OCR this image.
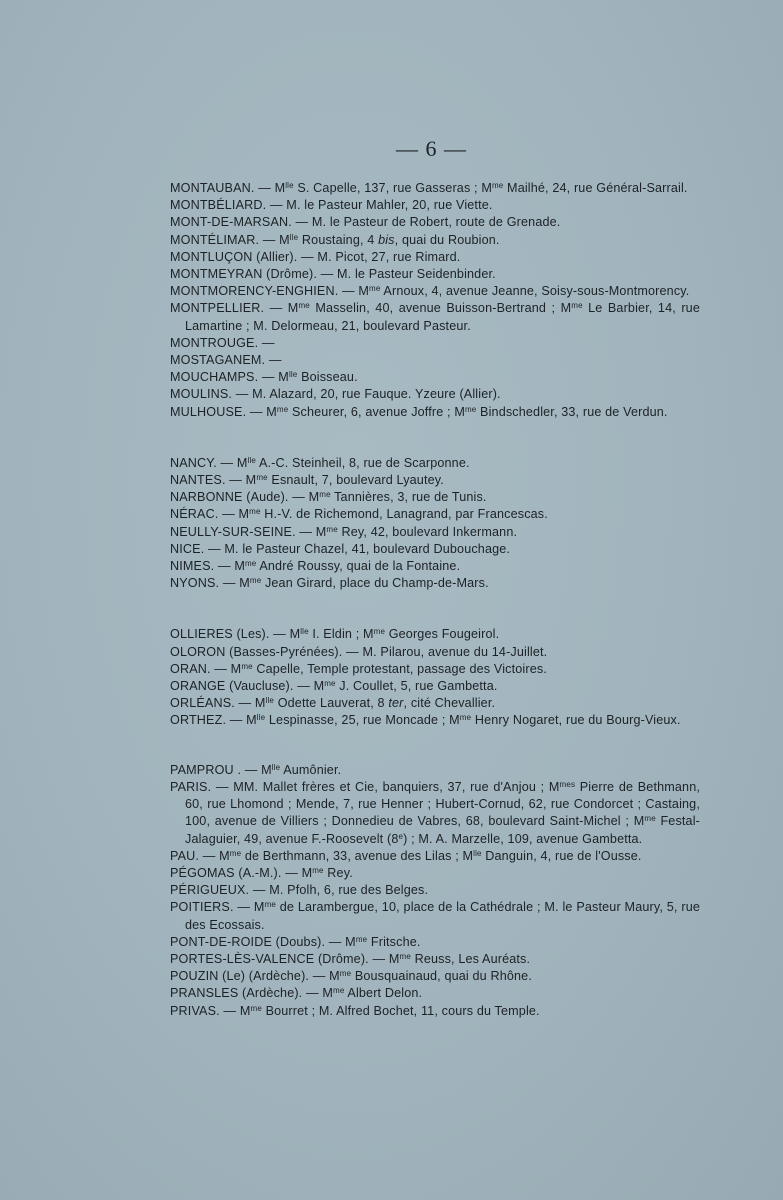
— 6 —

MONTAUBAN. — $M^{lle}$ S. Capelle, 137, rue Gasseras ; $M^{me}$ Mailhé, 24, rue Général-Sarrail.

MONTBÉLIARD. — M. le Pasteur Mahler, 20, rue Viette.

MONT-DE-MARSAN. — M. le Pasteur de Robert, route de Grenade.

MONTÉLIMAR. — $M^{lle}$ Roustaing, 4 bis, quai du Roubion.

MONTLUÇON (Allier). — M. Picot, 27, rue Rimard.

MONTMEYRAN (Drôme). — M. le Pasteur Seidenbinder.

MONTMORENCY-ENGHIEN. — $M^{me}$ Arnoux, 4, avenue Jeanne, Soisy-sous-Montmorency.

MONTPELLIER. — $M^{me}$ Masselin, 40, avenue Buisson-Bertrand ; $M^{me}$ Le Barbier, 14, rue Lamartine ; M. Delormeau, 21, boulevard Pasteur.

MONTROUGE. —

MOSTAGANEM. —

MOUCHAMPS. — $M^{lle}$ Boisseau.

MOULINS. — M. Alazard, 20, rue Fauque. Yzeure (Allier).

MULHOUSE. — $M^{me}$ Scheurer, 6, avenue Joffre ; $M^{me}$ Bindschedler, 33, rue de Verdun.

NANCY. — $M^{lle}$ A.-C. Steinheil, 8, rue de Scarponne.

NANTES. — $M^{me}$ Esnault, 7, boulevard Lyautey.

NARBONNE (Aude). — $M^{me}$ Tannières, 3, rue de Tunis.

NÉRAC. — $M^{me}$ H.-V. de Richemond, Lanagrand, par Francescas.

NEULLY-SUR-SEINE. — $M^{me}$ Rey, 42, boulevard Inkermann.

NICE. — M. le Pasteur Chazel, 41, boulevard Dubouchage.

NIMES. — $M^{me}$ André Roussy, quai de la Fontaine.

NYONS. — $M^{me}$ Jean Girard, place du Champ-de-Mars.

OLLIERES (Les). — $M^{lle}$ I. Eldin ; $M^{me}$ Georges Fougeirol.

OLORON (Basses-Pyrénées). — M. Pilarou, avenue du 14-Juillet.

ORAN. — $M^{me}$ Capelle, Temple protestant, passage des Victoires.

ORANGE (Vaucluse). — $M^{me}$ J. Coullet, 5, rue Gambetta.

ORLÉANS. — $M^{lle}$ Odette Lauverat, 8 ter, cité Chevallier.

ORTHEZ. — $M^{lle}$ Lespinasse, 25, rue Moncade ; $M^{me}$ Henry Nogaret, rue du Bourg-Vieux.

PAMPROU . — $M^{lle}$ Aumônier.

PARIS. — MM. Mallet frères et Cie, banquiers, 37, rue d'Anjou ; $M^{mes}$ Pierre de Bethmann, 60, rue Lhomond ; Mende, 7, rue Henner ; Hubert-Cornud, 62, rue Condorcet ; Castaing, 100, avenue de Villiers ; Donnedieu de Vabres, 68, boulevard Saint-Michel ; $M^{me}$ Festal-Jalaguier, 49, avenue F.-Roosevelt (8e) ; M. A. Marzelle, 109, avenue Gambetta.

PAU. — $M^{me}$ de Berthmann, 33, avenue des Lilas ; $M^{lle}$ Danguin, 4, rue de l'Ousse.

PÉGOMAS (A.-M.). — $M^{me}$ Rey.

PÉRIGUEUX. — M. Pfolh, 6, rue des Belges.

POITIERS. — $M^{me}$ de Larambergue, 10, place de la Cathédrale ; M. le Pasteur Maury, 5, rue des Ecossais.

PONT-DE-ROIDE (Doubs). — $M^{me}$ Fritsche.

PORTES-LÈS-VALENCE (Drôme). — $M^{me}$ Reuss, Les Auréats.

POUZIN (Le) (Ardèche). — $M^{me}$ Bousquainaud, quai du Rhône.

PRANSLES (Ardèche). — $M^{me}$ Albert Delon.

PRIVAS. — $M^{me}$ Bourret ; M. Alfred Bochet, 11, cours du Temple.
